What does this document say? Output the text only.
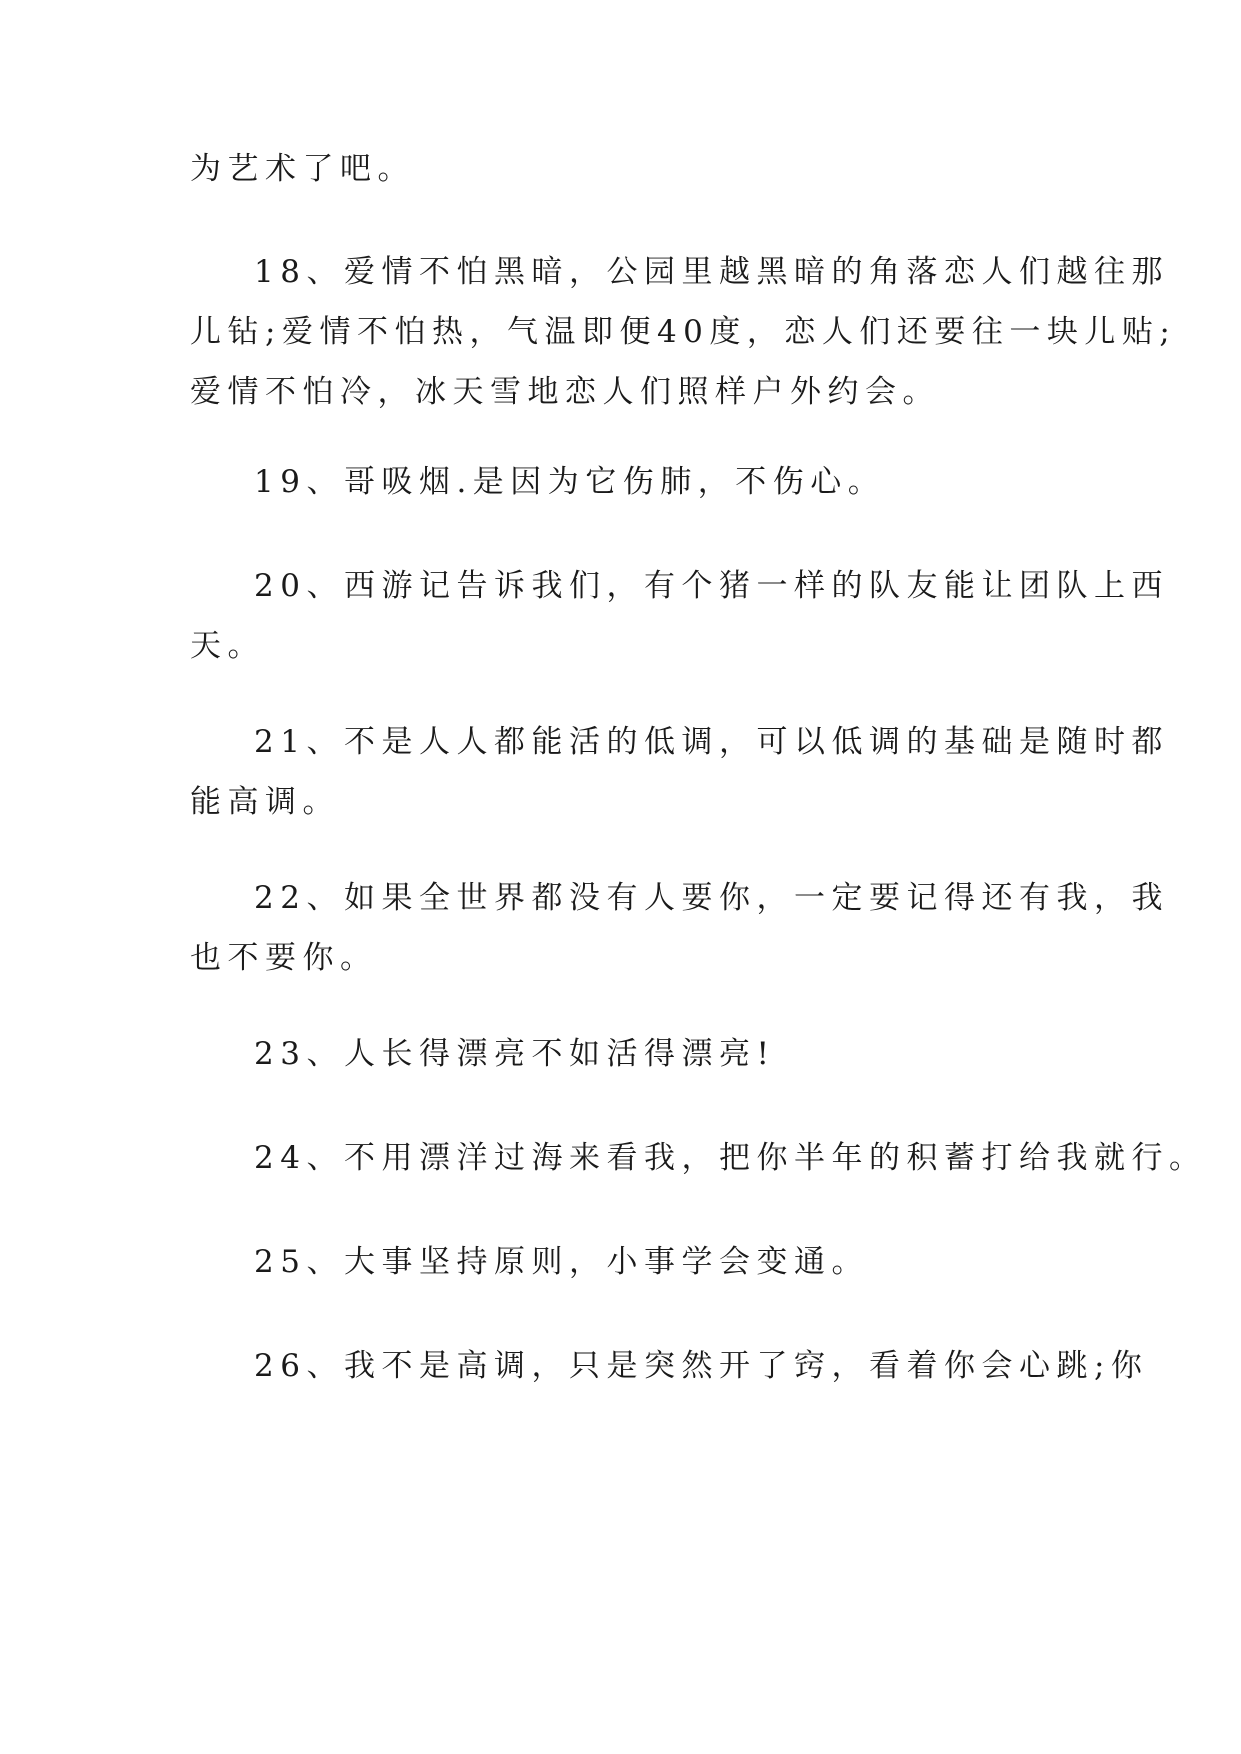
为艺术了吧。

18、爱情不怕黑暗，公园里越黑暗的角落恋人们越往那
儿钻;爱情不怕热，气温即便40度，恋人们还要往一块儿贴;
爱情不怕冷，冰天雪地恋人们照样户外约会。

19、哥吸烟.是因为它伤肺，不伤心。

20、西游记告诉我们，有个猪一样的队友能让团队上西
天。

21、不是人人都能活的低调，可以低调的基础是随时都
能高调。

22、如果全世界都没有人要你，一定要记得还有我，我
也不要你。

23、人长得漂亮不如活得漂亮!

24、不用漂洋过海来看我，把你半年的积蓄打给我就行。

25、大事坚持原则，小事学会变通。

26、我不是高调，只是突然开了窍，看着你会心跳;你
